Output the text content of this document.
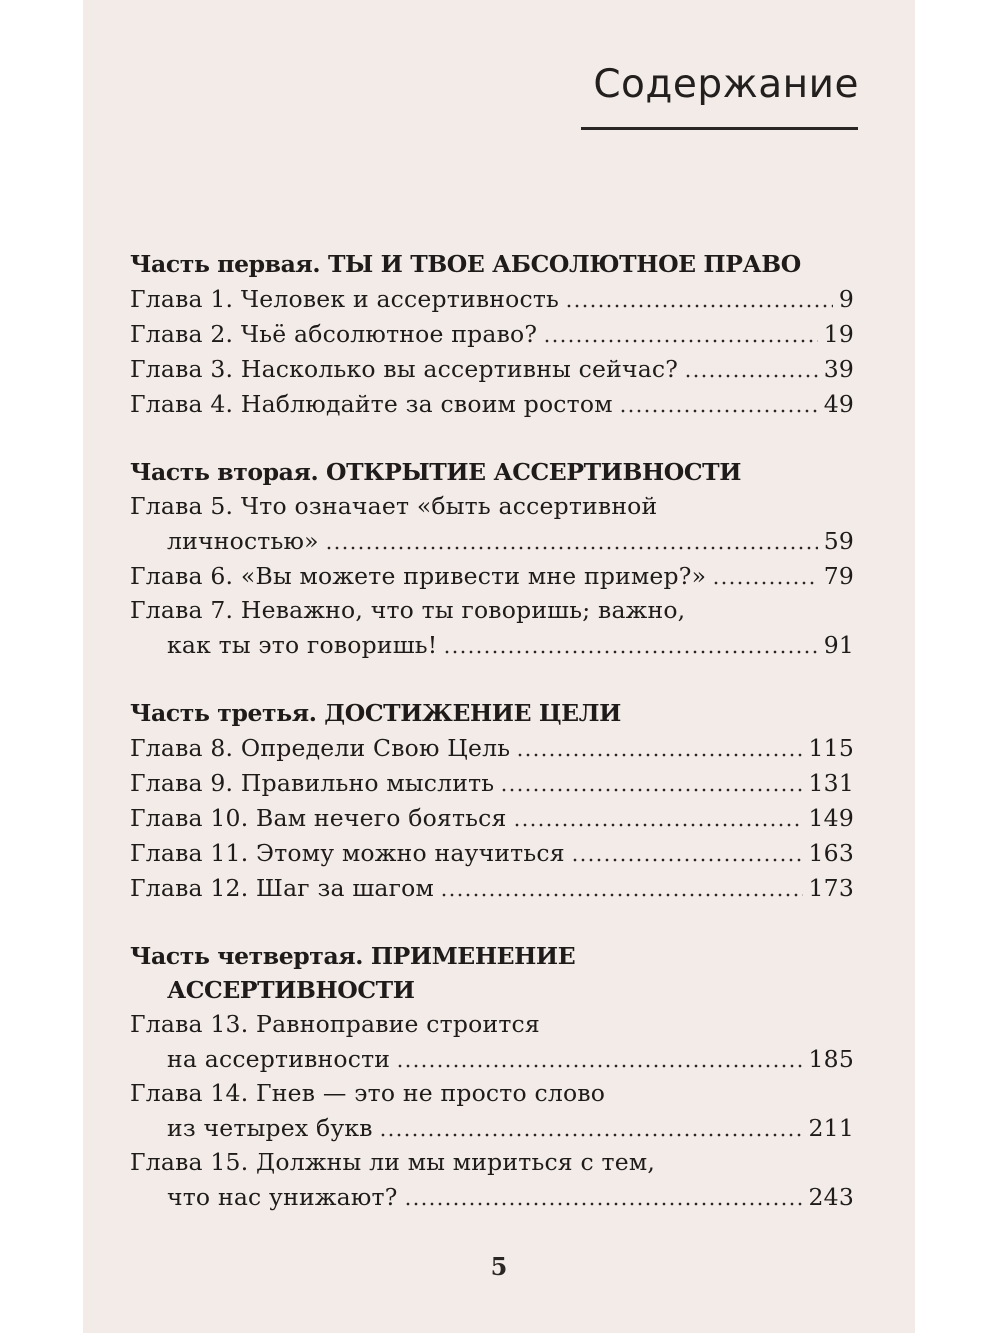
Содержание
Часть первая. ТЫ И ТВОЕ АБСОЛЮТНОЕ ПРАВО
Глава 1. Человек и ассертивность	9
Глава 2. Чьё абсолютное право?	19
Глава 3. Насколько вы ассертивны сейчас?	39
Глава 4. Наблюдайте за своим ростом	49
Часть вторая. ОТКРЫТИЕ АССЕРТИВНОСТИ
Глава 5. Что означает «быть ассертивной
личностью»	59
Глава 6. «Вы можете привести мне пример?»	79
Глава 7. Неважно, что ты говоришь; важно,
как ты это говоришь!	91
Часть третья. ДОСТИЖЕНИЕ ЦЕЛИ
Глава 8. Определи Свою Цель	115
Глава 9. Правильно мыслить	131
Глава 10. Вам нечего бояться	149
Глава 11. Этому можно научиться	163
Глава 12. Шаг за шагом	173
Часть четвертая. ПРИМЕНЕНИЕ
АССЕРТИВНОСТИ
Глава 13. Равноправие строится
на ассертивности	185
Глава 14. Гнев — это не просто слово
из четырех букв	211
Глава 15. Должны ли мы мириться с тем,
что нас унижают?	243
5
